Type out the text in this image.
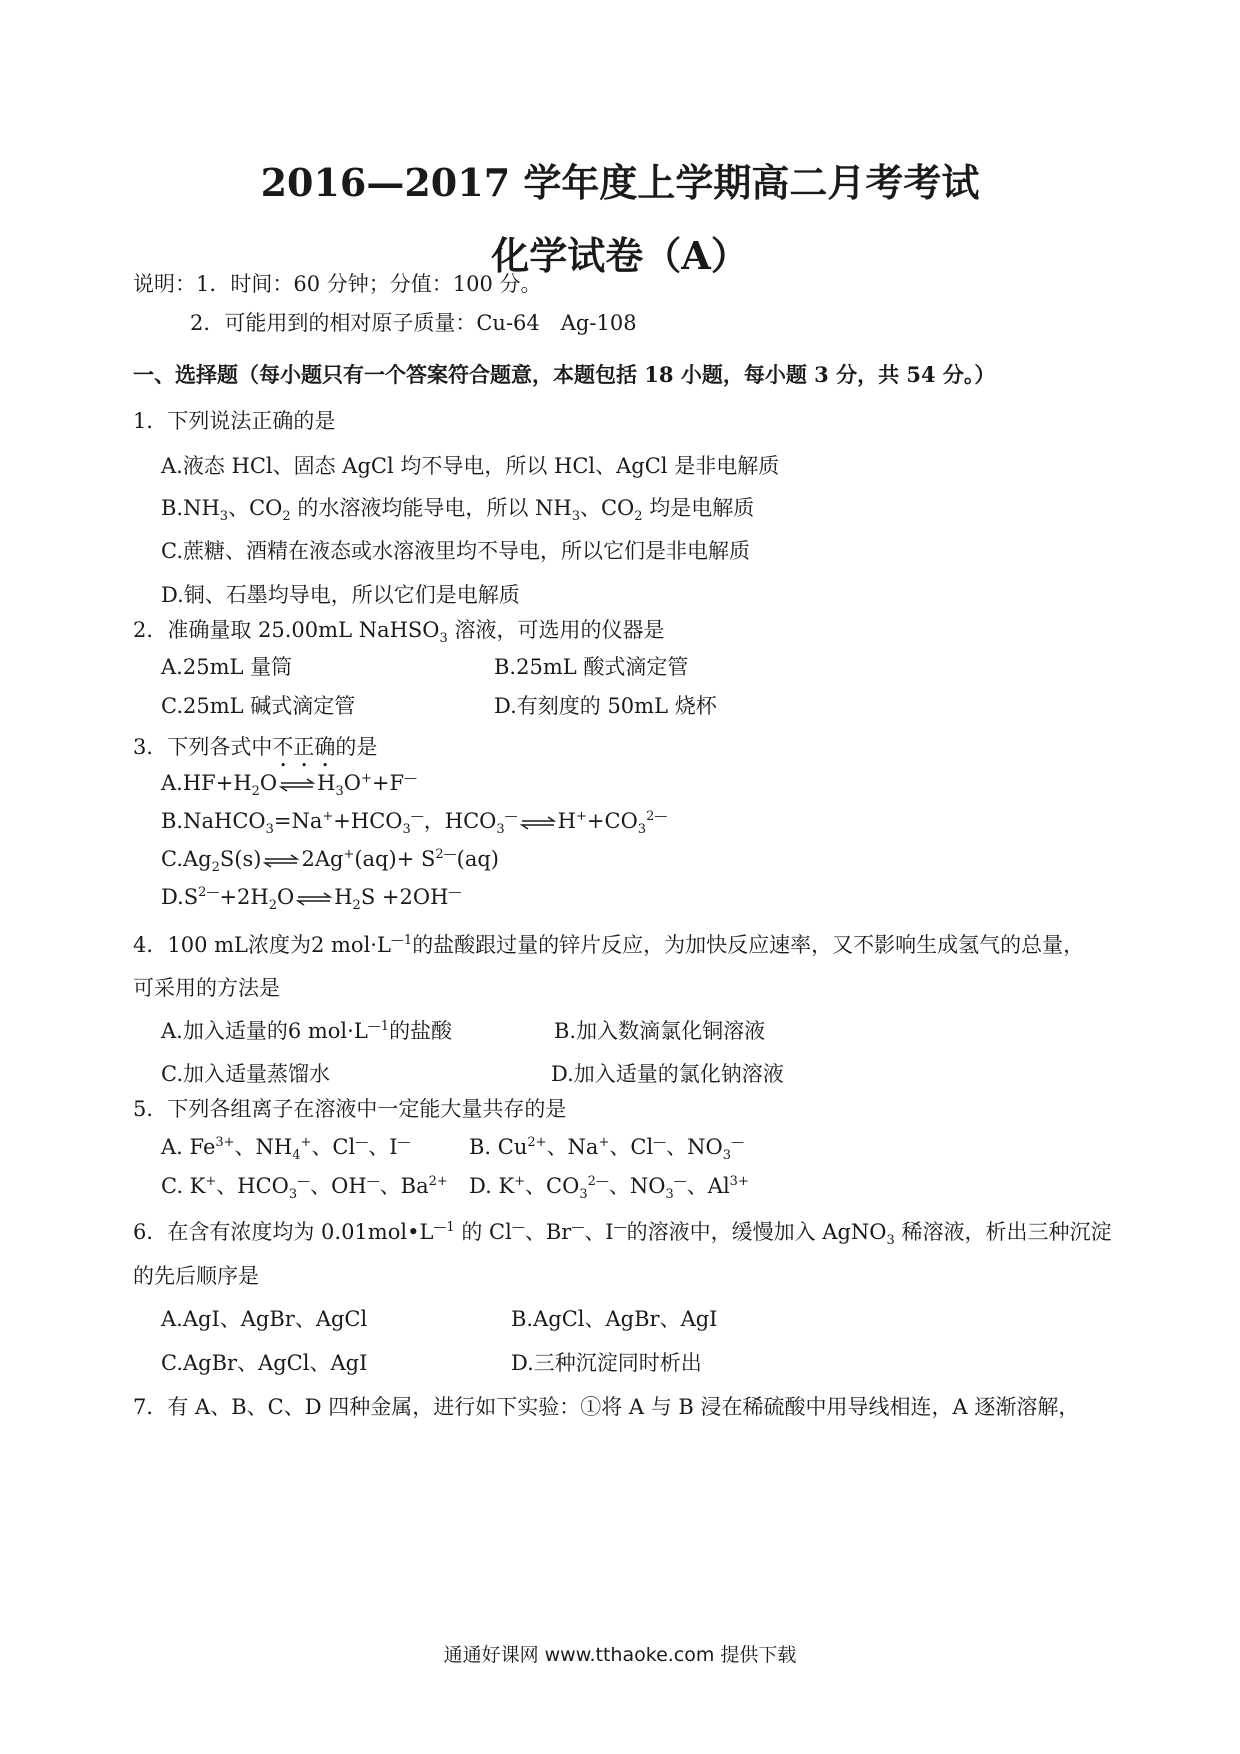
2016—2017 学年度上学期高二月考考试
化学试卷（A）
说明：1．时间：60 分钟；分值：100 分。
2．可能用到的相对原子质量：Cu-64　Ag-108
一、选择题（每小题只有一个答案符合题意，本题包括 18 小题，每小题 3 分，共 54 分。）
1．下列说法正确的是
A.液态 HCl、固态 AgCl 均不导电，所以 HCl、AgCl 是非电解质
$B.NH_3$、$CO_2$ 的水溶液均能导电，所以 $NH_3$、$CO_2$ 均是电解质
C.蔗糖、酒精在液态或水溶液里均不导电，所以它们是非电解质
D.铜、石墨均导电，所以它们是电解质
2．准确量取 25.00mL NaHSO$_3$ 溶液，可选用的仪器是
A.25mL 量筒	B.25mL 酸式滴定管
C.25mL 碱式滴定管	D.有刻度的 50mL 烧杯
3．下列各式中不正确的是
$A.HF+H_2O$ ⇌ $H_3O^++F^—$
$B.NaHCO_3=Na^++HCO_3^—$，$HCO_3^—$ ⇌ $H^++CO_3^{2—}$
$C.Ag_2S(s)$ ⇌ $2Ag^+(aq)+ S^{2—}(aq)$
$D.S^{2—}+2H_2O$ ⇌ $H_2S +2OH^—$
4．100 mL浓度为2 $mol\cdot L^{—1}$的盐酸跟过量的锌片反应，为加快反应速率，又不影响生成氢气的总量，
可采用的方法是
A.加入适量的6 $mol\cdot L^{—1}$的盐酸	B.加入数滴氯化铜溶液
C.加入适量蒸馏水	D.加入适量的氯化钠溶液
5．下列各组离子在溶液中一定能大量共存的是
A. $Fe^{3+}$、$NH_4^+$、Cl—、I—	B. $Cu^{2+}$、Na+、Cl—、$NO_3^—$
C. K+、$HCO_3^—$、OH—、$Ba^{2+}$ D. K+、$CO_3^{2—}$、$NO_3^—$、$Al^{3+}$
6．在含有浓度均为 $0.01mol•L^{—1}$ 的 Cl—、Br—、I—的溶液中，缓慢加入 AgNO$_3$ 稀溶液，析出三种沉淀
的先后顺序是
A.AgI、AgBr、AgCl	B.AgCl、AgBr、AgI
C.AgBr、AgCl、AgI	D.三种沉淀同时析出
7．有 A、B、C、D 四种金属，进行如下实验：①将 A 与 B 浸在稀硫酸中用导线相连，A 逐渐溶解，
通通好课网 www.tthaoke.com 提供下载
